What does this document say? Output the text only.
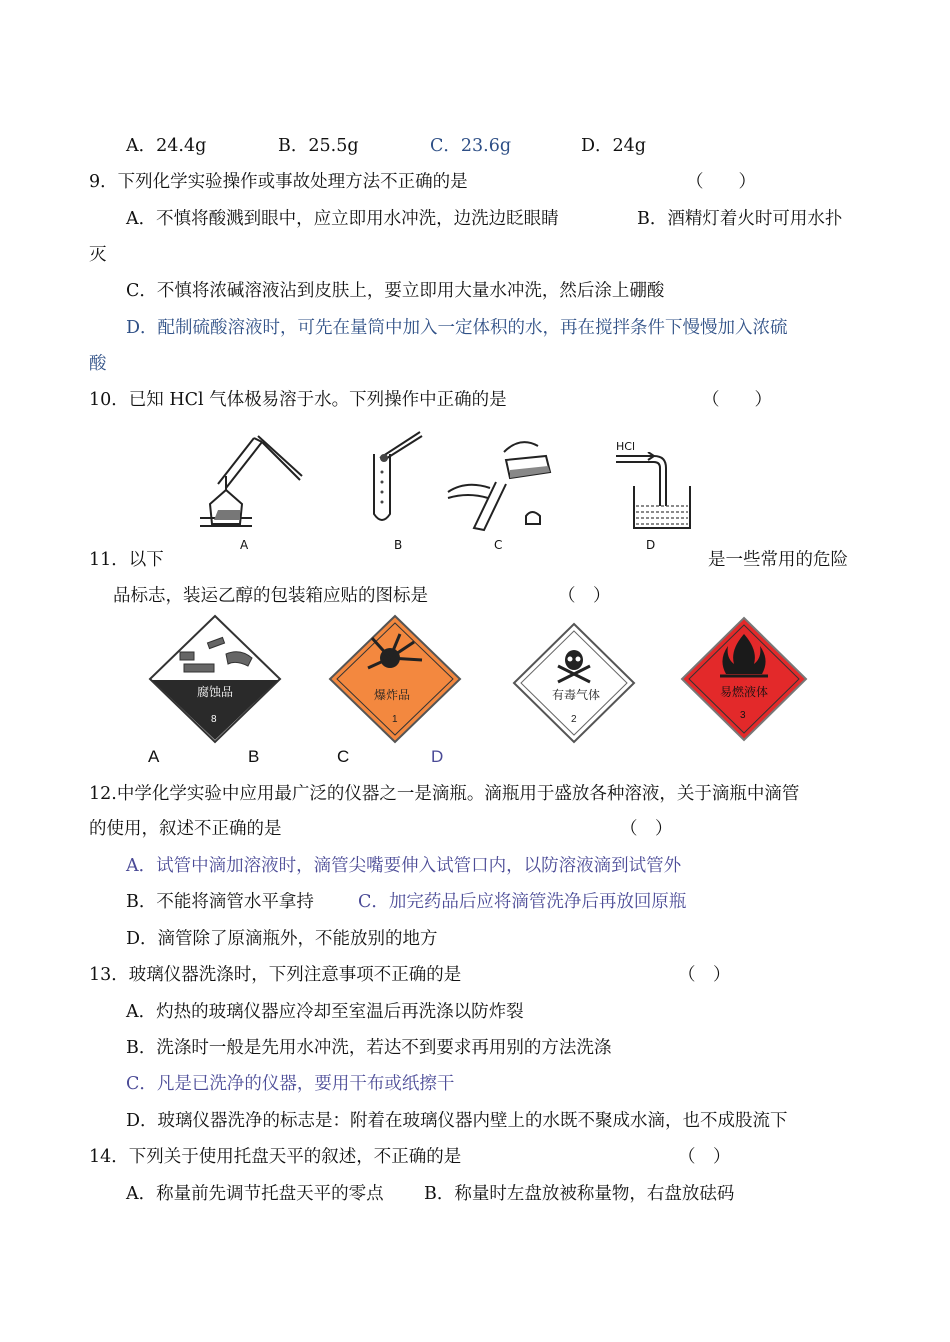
A．24.4g	B．25.5g	C．23.6g	D．24g
9．下列化学实验操作或事故处理方法不正确的是	（　　）
A．不慎将酸溅到眼中，应立即用水冲洗，边洗边眨眼睛	B．酒精灯着火时可用水扑
灭
C．不慎将浓碱溶液沾到皮肤上，要立即用大量水冲洗，然后涂上硼酸
D．配制硫酸溶液时，可先在量筒中加入一定体积的水，再在搅拌条件下慢慢加入浓硫
酸
10．已知 HCl 气体极易溶于水。下列操作中正确的是	（　　）
A	B	C
HCl
D
11．以下	是一些常用的危险
品标志，装运乙醇的包装箱应贴的图标是	（　）
腐蚀品
8
爆炸品
1
有毒气体
2
易燃液体
3
A	B	C	D
12.中学化学实验中应用最广泛的仪器之一是滴瓶。滴瓶用于盛放各种溶液，关于滴瓶中滴管
的使用，叙述不正确的是	（　）
A．试管中滴加溶液时，滴管尖嘴要伸入试管口内，以防溶液滴到试管外
B．不能将滴管水平拿持	C．加完药品后应将滴管洗净后再放回原瓶
D．滴管除了原滴瓶外，不能放别的地方
13．玻璃仪器洗涤时，下列注意事项不正确的是	（　）
A．灼热的玻璃仪器应冷却至室温后再洗涤以防炸裂
B．洗涤时一般是先用水冲洗，若达不到要求再用别的方法洗涤
C．凡是已洗净的仪器，要用干布或纸擦干
D．玻璃仪器洗净的标志是：附着在玻璃仪器内壁上的水既不聚成水滴，也不成股流下
14．下列关于使用托盘天平的叙述，不正确的是	（　）
A．称量前先调节托盘天平的零点 B．称量时左盘放被称量物，右盘放砝码
